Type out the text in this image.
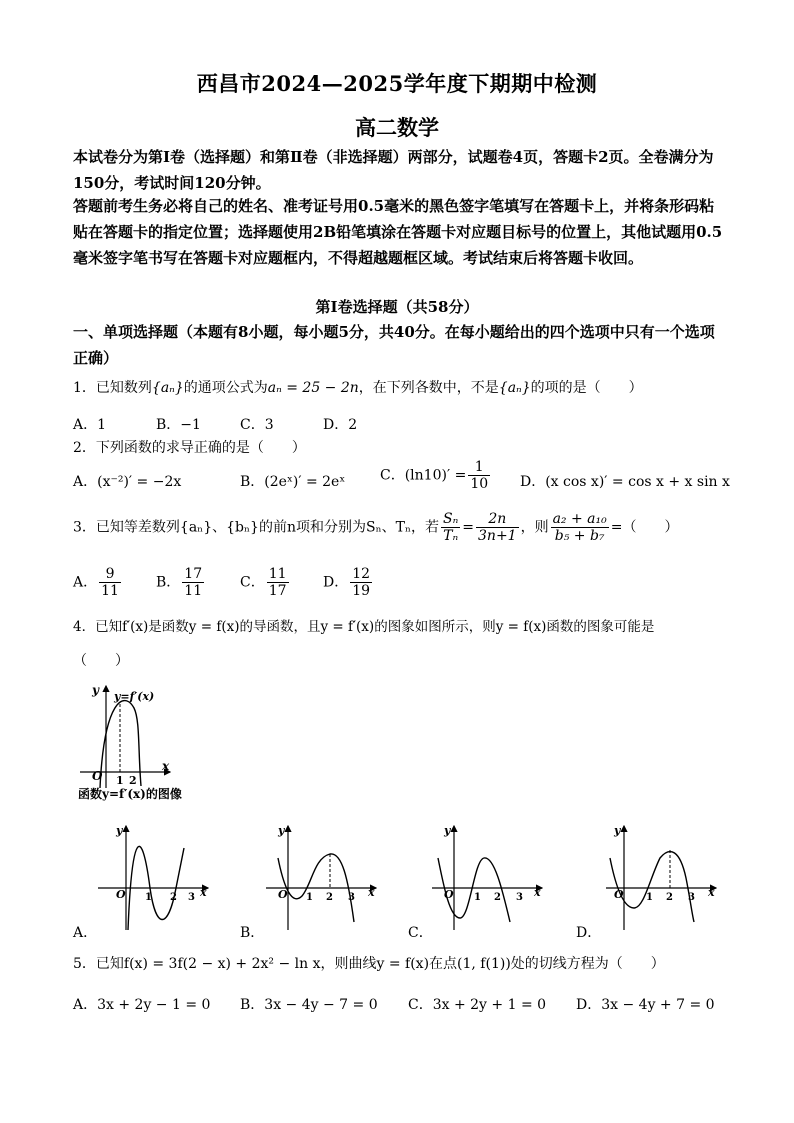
西昌市2024—2025学年度下期期中检测
高二数学
本试卷分为第Ⅰ卷（选择题）和第Ⅱ卷（非选择题）两部分，试题卷4页，答题卡2页。全卷满分为150分，考试时间120分钟。
答题前考生务必将自己的姓名、准考证号用0.5毫米的黑色签字笔填写在答题卡上，并将条形码粘贴在答题卡的指定位置；选择题使用2B铅笔填涂在答题卡对应题目标号的位置上，其他试题用0.5毫米签字笔书写在答题卡对应题框内，不得超越题框区域。考试结束后将答题卡收回。
第Ⅰ卷选择题（共58分）
一、单项选择题（本题有8小题，每小题5分，共40分。在每小题给出的四个选项中只有一个选项正确）
1．已知数列{aₙ}的通项公式为aₙ = 25 − 2n，在下列各数中，不是{aₙ}的项的是（　　）
A．1	B．−1	C．3	D．2
2．下列函数的求导正确的是（　　）
A．(x⁻²)′ = −2x	B．(2eˣ)′ = 2eˣ C．$(\ln 10)' = \frac{1}{10}$ D．(x cos x)′ = cos x + x sin x
3．已知等差数列{aₙ}、{bₙ}的前n项和分别为Sₙ、Tₙ，若 $\frac{\text{Sₙ}}{\text{Tₙ}} = \frac{2n}{3n+1}$ ，则 $\frac{\text{a₂ + a₁₀}}{\text{b₅ + b₇}}$ =（　　）
A． $\frac{9}{11}$	B． $\frac{17}{11}$	C． $\frac{11}{17}$ D． $\frac{12}{19}$
4．已知f′(x)是函数y = f(x)的导函数，且y = f′(x)的图象如图所示，则y = f(x)函数的图象可能是
（　　）
y y=f′(x)
x
O 1 2
函数y=f′(x)的图像
y
x
O 1 2 3
A．
y
x
O 1 2 3
B．
y
x
O 1 2 3
C．
y
x
O 1 2 3
D．
5．已知f(x) = 3f(2 − x) + 2x² − ln x，则曲线y = f(x)在点(1, f(1))处的切线方程为（　　）
A．3x + 2y − 1 = 0 B．3x − 4y − 7 = 0 C．3x + 2y + 1 = 0 D．3x − 4y + 7 = 0
